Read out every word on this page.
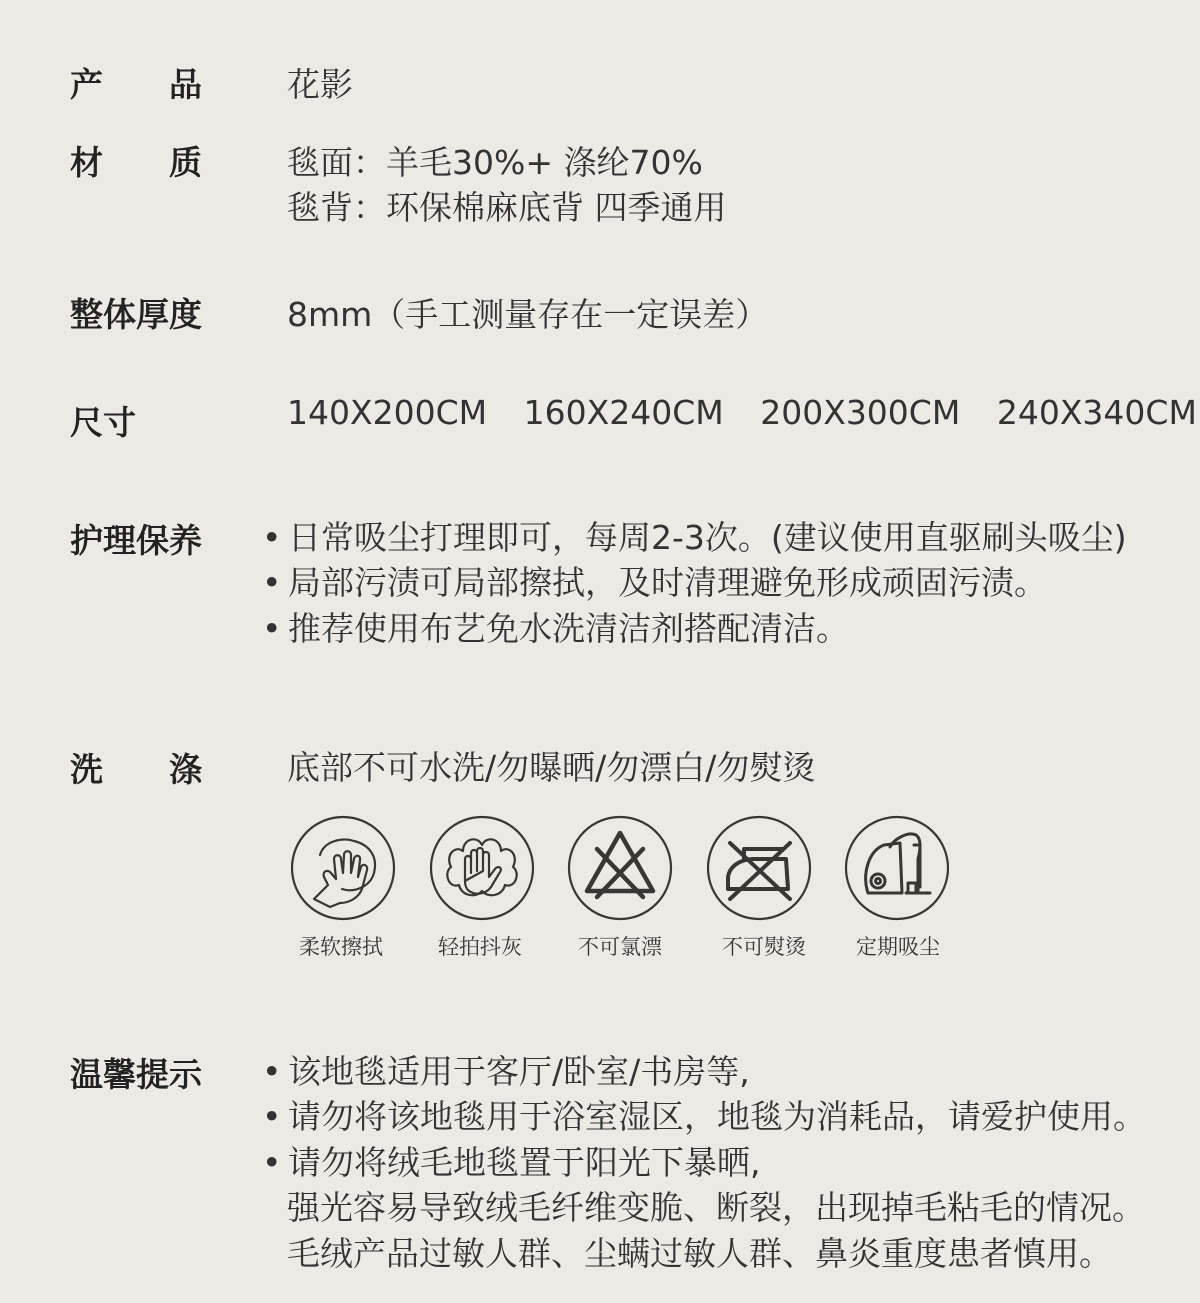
产　　品	花影
材　　质	毯面：羊毛30%+ 涤纶70%
毯背：环保棉麻底背 四季通用
整体厚度	8mm（手工测量存在一定误差）
尺寸	140X200CM 160X240CM 200X300CM 240X340CM
护理保养 • 日常吸尘打理即可，每周2-3次。(建议使用直驱刷头吸尘)
• 局部污渍可局部擦拭，及时清理避免形成顽固污渍。
• 推荐使用布艺免水洗清洁剂搭配清洁。
洗　　涤	底部不可水洗/勿曝晒/勿漂白/勿熨烫
柔软擦拭	轻拍抖灰	不可氯漂	不可熨烫	定期吸尘
温馨提示 • 该地毯适用于客厅/卧室/书房等,
• 请勿将该地毯用于浴室湿区，地毯为消耗品，请爱护使用。
• 请勿将绒毛地毯置于阳光下暴晒,
强光容易导致绒毛纤维变脆、断裂，出现掉毛粘毛的情况。
毛绒产品过敏人群、尘螨过敏人群、鼻炎重度患者慎用。
